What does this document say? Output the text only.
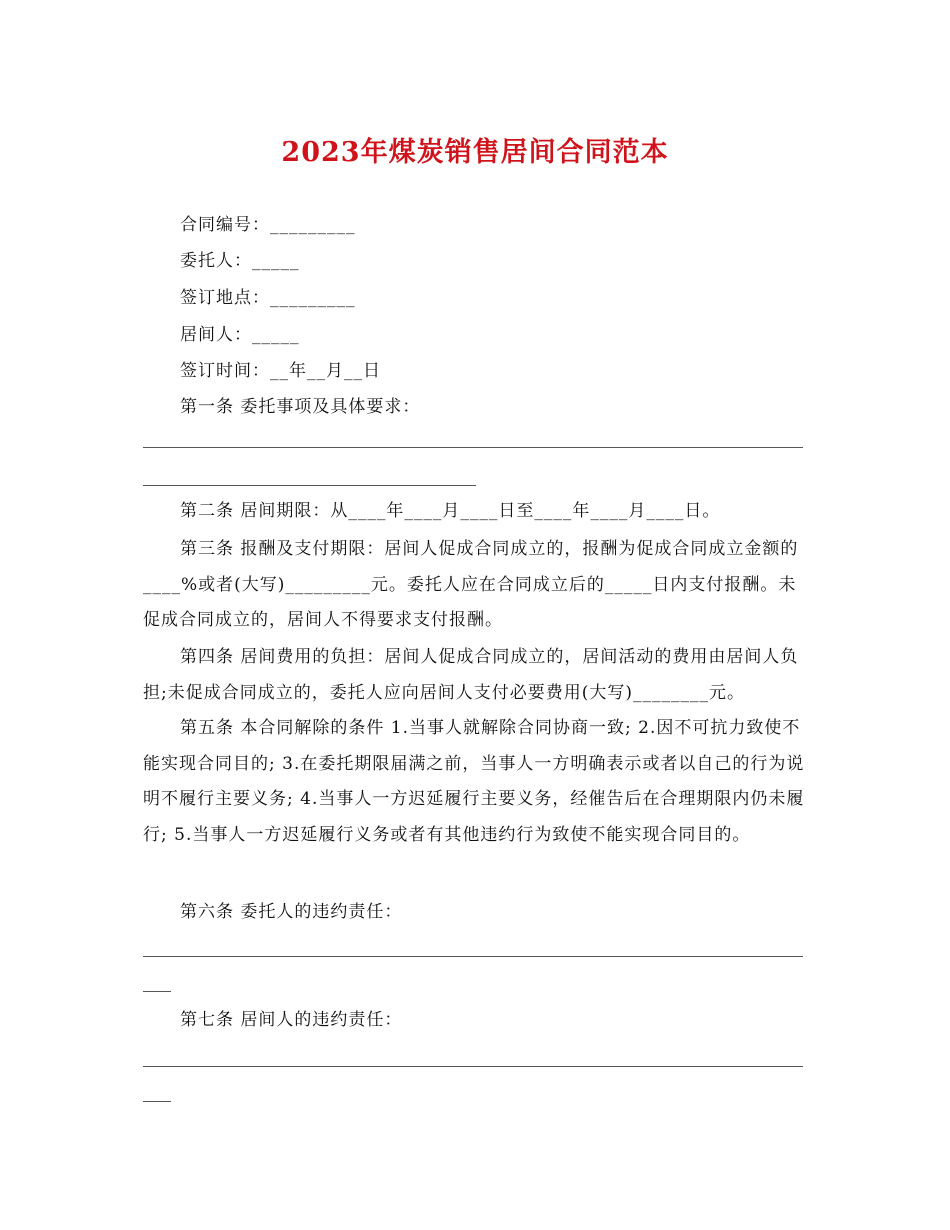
2023年煤炭销售居间合同范本
合同编号：_________
委托人：_____
签订地点：_________
居间人：_____
签订时间：__年__月__日
第一条 委托事项及具体要求：
第二条 居间期限：从____年____月____日至____年____月____日。
第三条 报酬及支付期限：居间人促成合同成立的，报酬为促成合同成立金额的____%或者(大写)_________元。委托人应在合同成立后的_____日内支付报酬。未促成合同成立的，居间人不得要求支付报酬。
第四条 居间费用的负担：居间人促成合同成立的，居间活动的费用由居间人负担;未促成合同成立的，委托人应向居间人支付必要费用(大写)________元。
第五条 本合同解除的条件 1.当事人就解除合同协商一致; 2.因不可抗力致使不能实现合同目的; 3.在委托期限届满之前，当事人一方明确表示或者以自己的行为说明不履行主要义务; 4.当事人一方迟延履行主要义务，经催告后在合理期限内仍未履行; 5.当事人一方迟延履行义务或者有其他违约行为致使不能实现合同目的。
第六条 委托人的违约责任：
第七条 居间人的违约责任：
